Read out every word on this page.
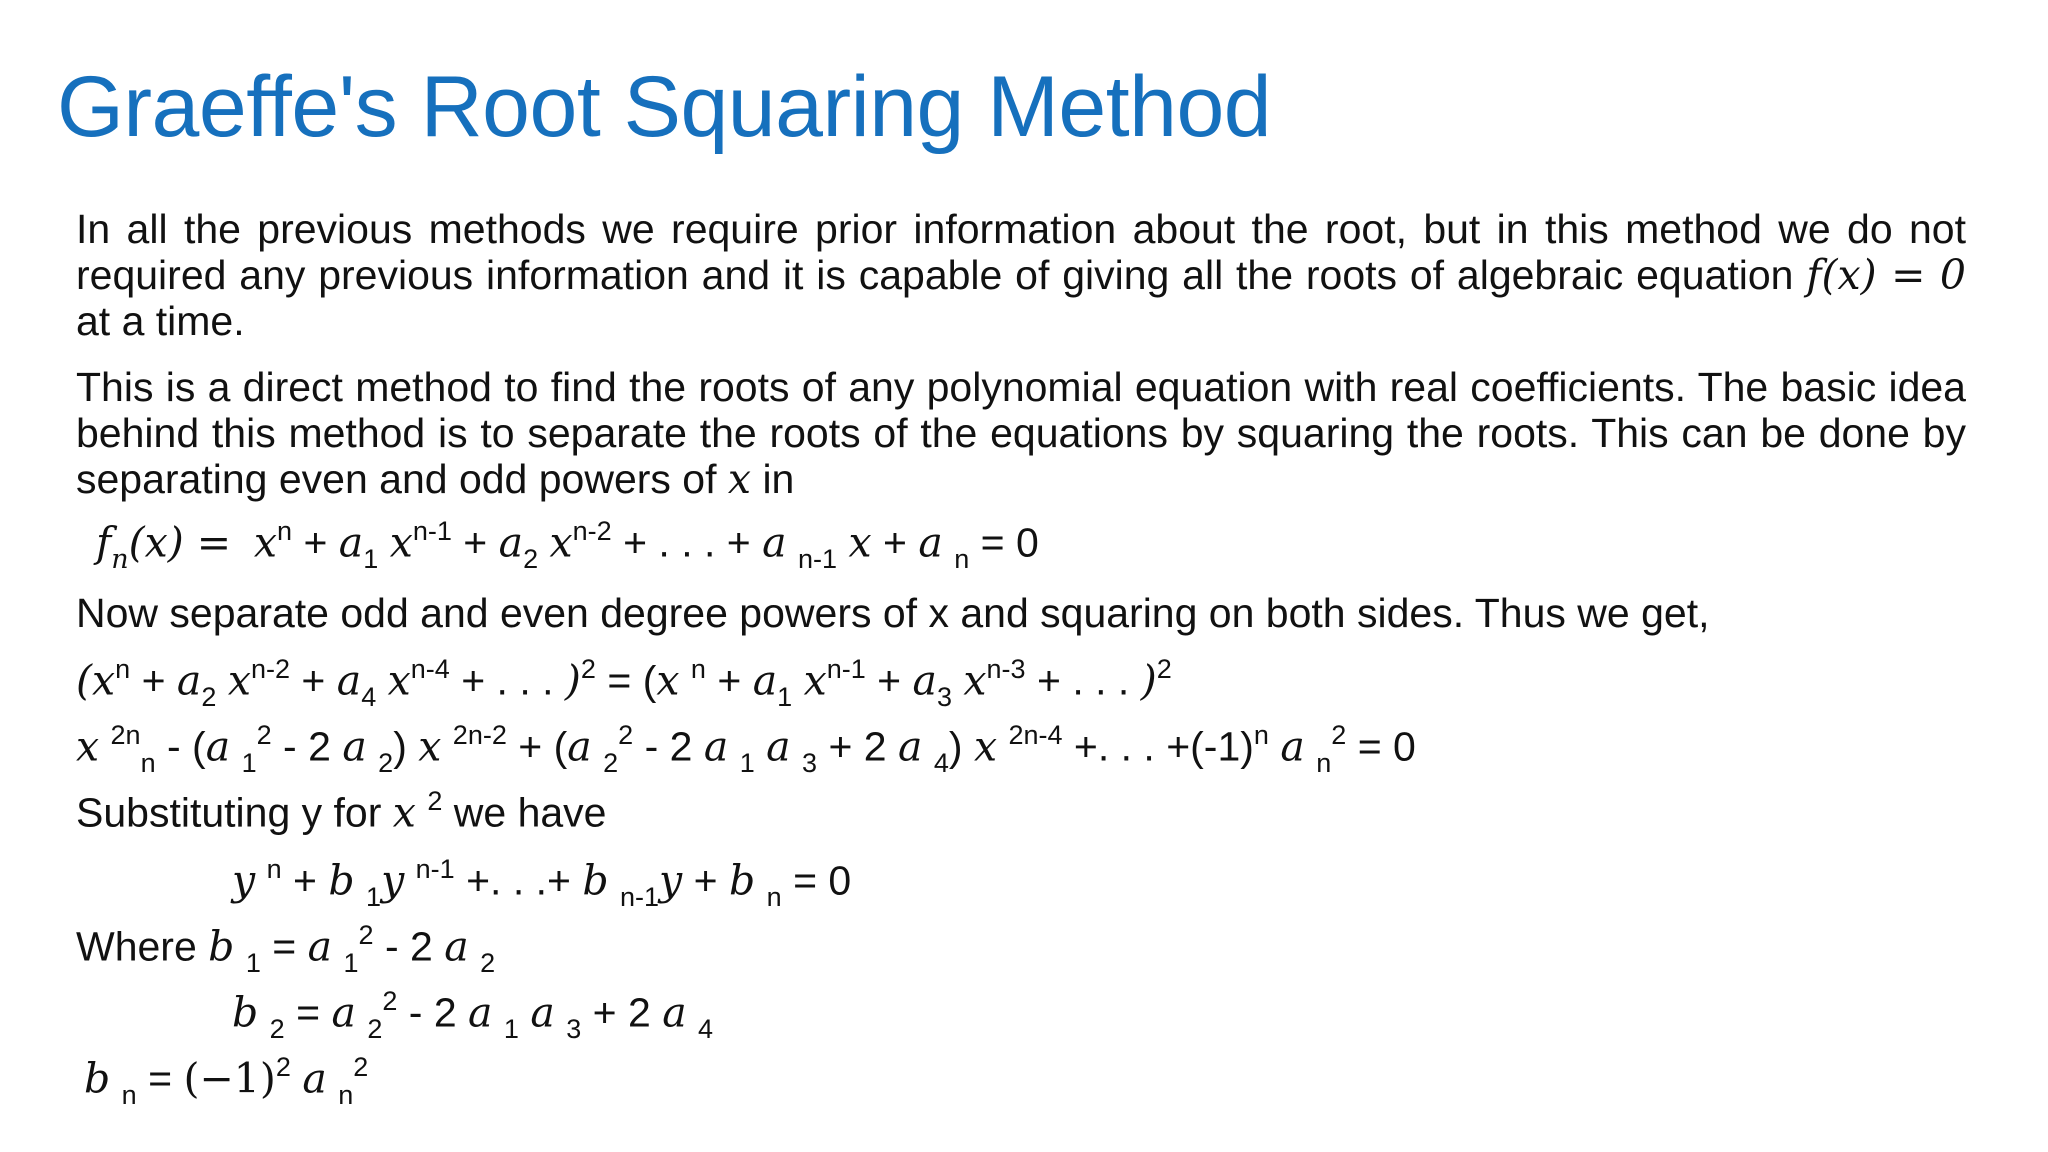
Graeffe's Root Squaring Method
In all the previous methods we require prior information about the root, but in this method we do not required any previous information and it is capable of giving all the roots of algebraic equation f(x) = 0 at a time.
This is a direct method to find the roots of any polynomial equation with real coefficients. The basic idea behind this method is to separate the roots of the equations by squaring the roots. This can be done by separating even and odd powers of x in
$f_n(x) = x^n + a_1$ $x^{n-1} + a_2$ $x^{n-2}$ + . . . + a $_{n-1}$ x + a $_n$ = 0
Now separate odd and even degree powers of x and squaring on both sides. Thus we get,
($x^n + a_2$ $x^{n-2} + a_4$ $x^{n-4}$ + . . . )$^2$ = (x $^n + a_1$ $x^{n-1} + a_3$ $x^{n-3}$ + . . . )$^2$
x $^{2n}_n$ - (a $_1^2$ - 2 a $_2$) x $^{2n-2}$ + (a $_2^2$ - 2 a $_1$ a $_3$ + 2 a $_4$) x $^{2n-4}$ +. . . $+(-1)^n$ a $_n^2$ = 0
Substituting y for x $^2$ we have
y $^n$ + b $_1$y $^{n-1}$ +. . .+ b $_{n-1}$y + b $_n$ = 0
Where b $_1$ = a $_1^2$ - 2 a $_2$
b $_2$ = a $_2^2$ - 2 a $_1$ a $_3$ + 2 a $_4$
b $_n = (-1)^2$ a $_n^2$
